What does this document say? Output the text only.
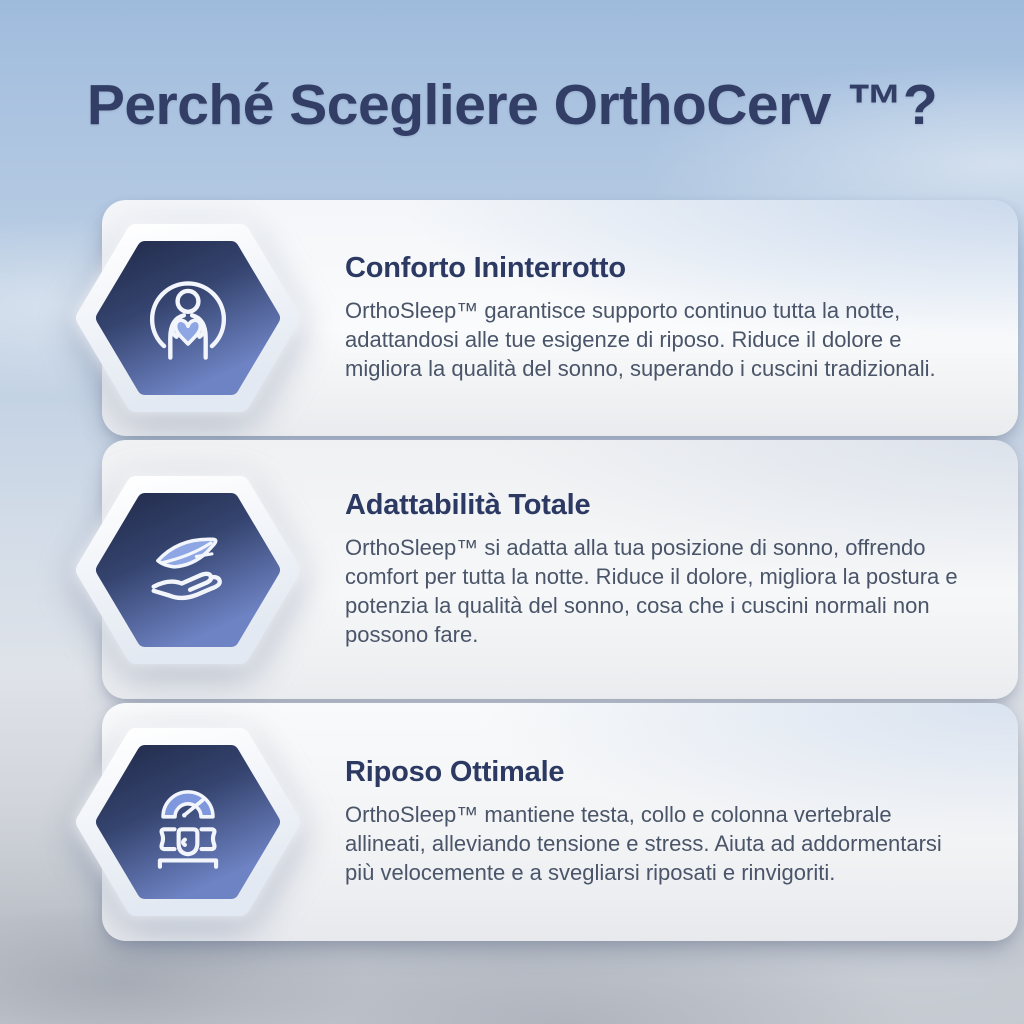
Perché Scegliere OrthoCerv ™?
Conforto Ininterrotto

OrthoSleep™ garantisce supporto continuo tutta la notte, adattandosi alle tue esigenze di riposo. Riduce il dolore e migliora la qualità del sonno, superando i cuscini tradizionali.

Adattabilità Totale

OrthoSleep™ si adatta alla tua posizione di sonno, offrendo comfort per tutta la notte. Riduce il dolore, migliora la postura e potenzia la qualità del sonno, cosa che i cuscini normali non possono fare.

Riposo Ottimale

OrthoSleep™ mantiene testa, collo e colonna vertebrale allineati, alleviando tensione e stress. Aiuta ad addormentarsi più velocemente e a svegliarsi riposati e rinvigoriti.
